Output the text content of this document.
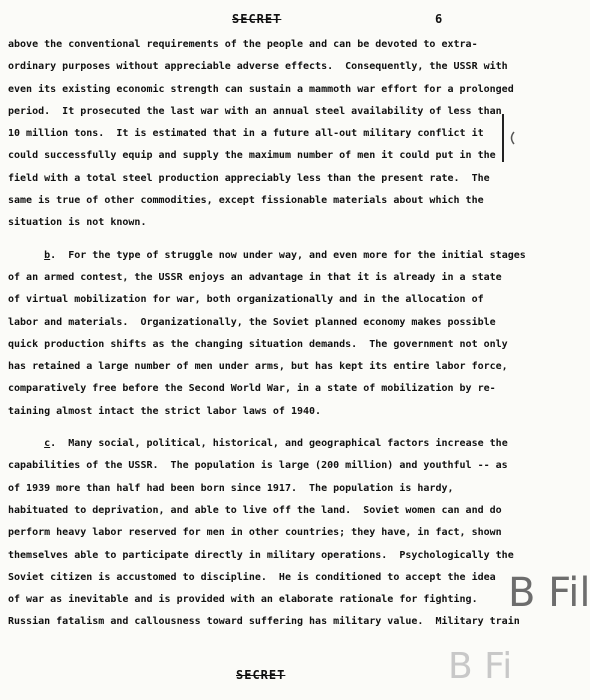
SECRET	6
above the conventional requirements of the people and can be devoted to extra-
ordinary purposes without appreciable adverse effects.  Consequently, the USSR with
even its existing economic strength can sustain a mammoth war effort for a prolonged
period.  It prosecuted the last war with an annual steel availability of less than
10 million tons.  It is estimated that in a future all-out military conflict it
could successfully equip and supply the maximum number of men it could put in the
field with a total steel production appreciably less than the present rate.  The
same is true of other commodities, except fissionable materials about which the
situation is not known.
b.  For the type of struggle now under way, and even more for the initial stages
of an armed contest, the USSR enjoys an advantage in that it is already in a state
of virtual mobilization for war, both organizationally and in the allocation of
labor and materials.  Organizationally, the Soviet planned economy makes possible
quick production shifts as the changing situation demands.  The government not only
has retained a large number of men under arms, but has kept its entire labor force,
comparatively free before the Second World War, in a state of mobilization by re-
taining almost intact the strict labor laws of 1940.
c.  Many social, political, historical, and geographical factors increase the
capabilities of the USSR.  The population is large (200 million) and youthful -- as
of 1939 more than half had been born since 1917.  The population is hardy,
habituated to deprivation, and able to live off the land.  Soviet women can and do
perform heavy labor reserved for men in other countries; they have, in fact, shown
themselves able to participate directly in military operations.  Psychologically the
Soviet citizen is accustomed to discipline.  He is conditioned to accept the idea
of war as inevitable and is provided with an elaborate rationale for fighting.
Russian fatalism and callousness toward suffering has military value.  Military train
B Fil
B Fi
SECRET
